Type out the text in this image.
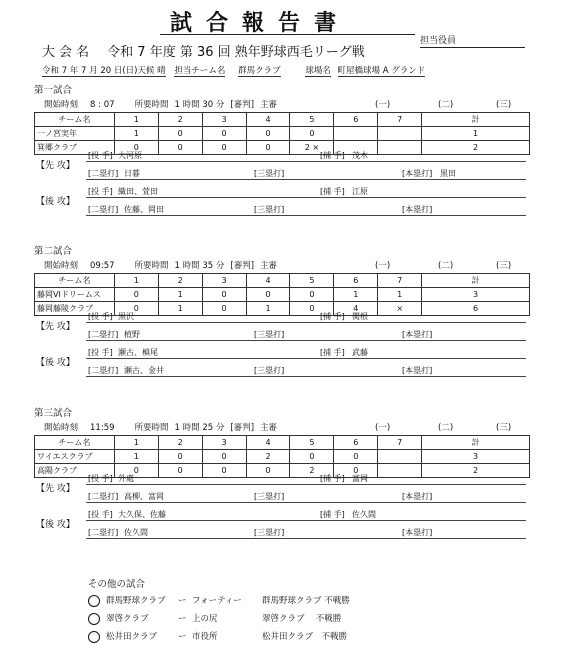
試合報告書
担当役員
大会名 令和 7 年度 第 36 回 熟年野球西毛リーグ戦
令和 7 年 7 月 20 日(日)天候 晴 担当チーム名 群馬クラブ	球場名 町屋橋球場 A グランド
第一試合
開始時刻 8 : 07 所要時間 1 時間 30 分 [審判] 主審	(一)	(二)	(三)
チーム名	1	2	3	4	5	6	7	計
一ノ宮実年	1	0	0	0	0			1
箕郷クラブ	0	0	0	0	2 ×			2
【先 攻】
[投 手] 大河原	[捕 手] 茂木
[二塁打] 日暮	[三塁打]	[本塁打] 黒田
【後 攻】
[投 手] 織田、萱田	[捕 手] 江原
[二塁打] 佐藤、岡田	[三塁打]	[本塁打]
第二試合
開始時刻 09:57 所要時間 1 時間 35 分 [審判] 主審	(一)	(二)	(三)
チーム名	1	2	3	4	5	6	7	計
藤岡VIドリームス	0	1	0	0	0	1	1	3
藤岡藤陵クラブ	0	1	0	1	0	4	×	6
【先 攻】
[投 手] 黒沢	[捕 手] 関根
[二塁打] 植野	[三塁打]	[本塁打]
【後 攻】
[投 手] 瀬古、槙尾	[捕 手] 武藤
[二塁打] 瀬古、金井	[三塁打]	[本塁打]
第三試合
開始時刻 11:59 所要時間 1 時間 25 分 [審判] 主審	(一)	(二)	(三)
チーム名	1	2	3	4	5	6	7	計
ワイエスクラブ	1	0	0	2	0	0		3
高陽クラブ	0	0	0	0	2	0		2
【先 攻】
[投 手] 外處	[捕 手] 富岡
[二塁打] 高柳、富岡	[三塁打]	[本塁打]
【後 攻】
[投 手] 大久保、佐藤	[捕 手] 佐久間
[二塁打] 佐久間	[三塁打]	[本塁打]
その他の試合
群馬野球クラブ ー フォーティー 群馬野球クラブ 不戦勝
翠啓クラブ	ー 上の尻	翠啓クラブ　 不戦勝
松井田クラブ ー 市役所	松井田クラブ　不戦勝
